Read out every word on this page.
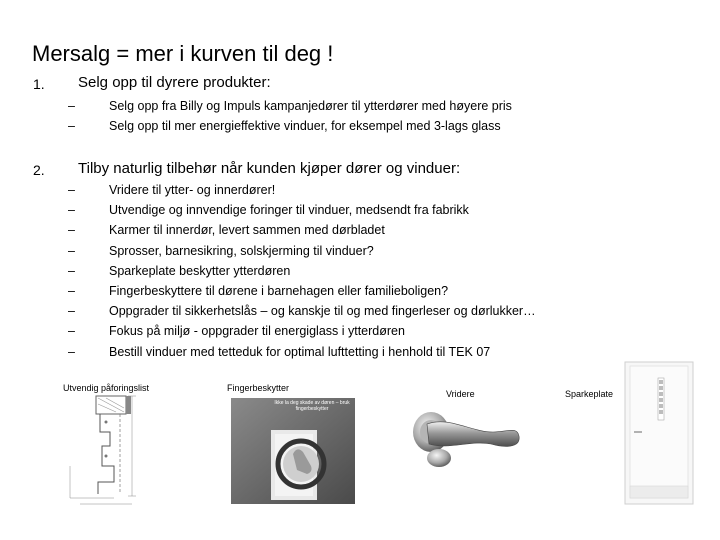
Mersalg = mer i kurven til deg !
1. Selg opp til dyrere produkter:
–	Selg opp fra Billy og Impuls kampanjedører til ytterdører med høyere pris
–	Selg opp til mer energieffektive vinduer, for eksempel med 3-lags glass
2. Tilby naturlig tilbehør når kunden kjøper dører og vinduer:
–	Vridere til ytter- og innerdører!
–	Utvendige og innvendige foringer til vinduer, medsendt fra fabrikk
–	Karmer til innerdør, levert sammen med dørbladet
–	Sprosser, barnesikring, solskjerming til vinduer?
–	Sparkeplate beskytter ytterdøren
–	Fingerbeskyttere til dørene i barnehagen eller familieboligen?
–	Oppgrader til sikkerhetslås – og kanskje til og med fingerleser og dørlukker…
–	Fokus på miljø - oppgrader til energiglass i ytterdøren
–	Bestill vinduer med tetteduk for optimal lufttetting i henhold til TEK 07
Utvendig påforingslist	Fingerbeskytter
Ikke la deg skade av døren – bruk fingerbeskytter
Vridere	Sparkeplate
